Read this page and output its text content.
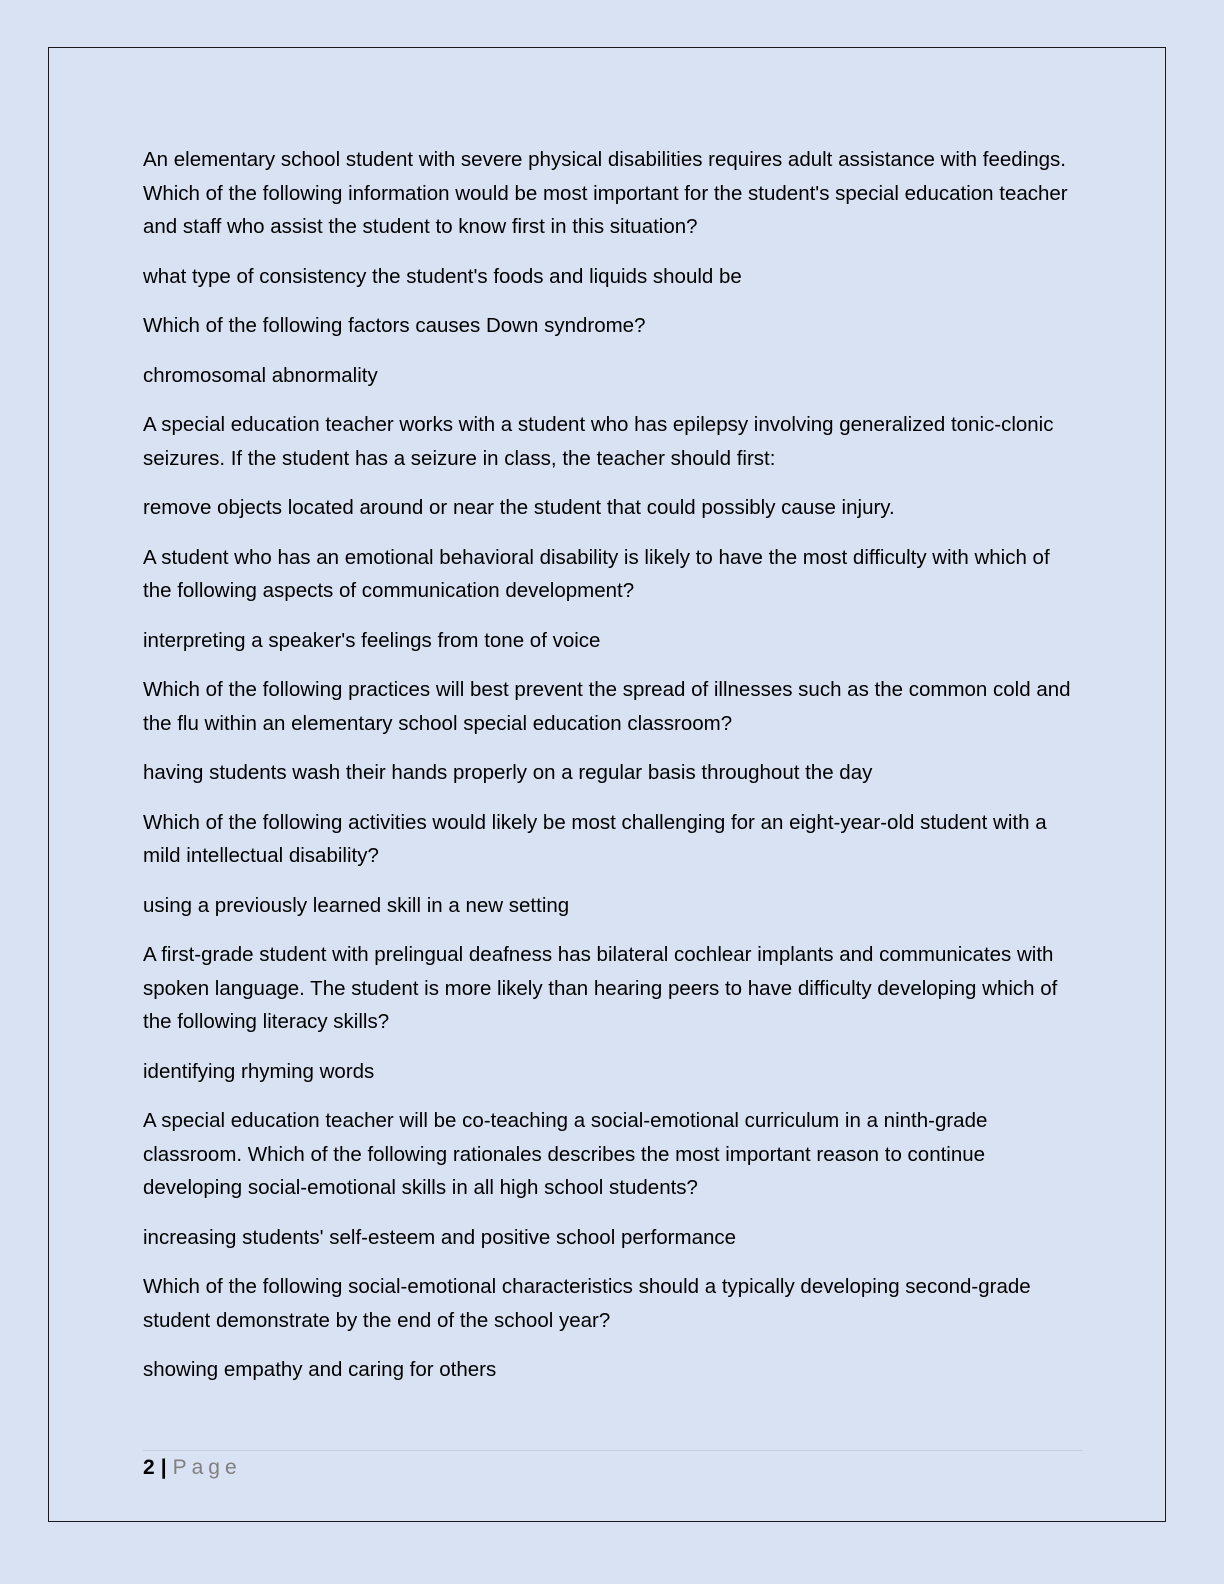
An elementary school student with severe physical disabilities requires adult assistance with feedings. Which of the following information would be most important for the student's special education teacher and staff who assist the student to know first in this situation?

what type of consistency the student's foods and liquids should be

Which of the following factors causes Down syndrome?

chromosomal abnormality

A special education teacher works with a student who has epilepsy involving generalized tonic-clonic seizures. If the student has a seizure in class, the teacher should first:

remove objects located around or near the student that could possibly cause injury.

A student who has an emotional behavioral disability is likely to have the most difficulty with which of the following aspects of communication development?

interpreting a speaker's feelings from tone of voice

Which of the following practices will best prevent the spread of illnesses such as the common cold and the flu within an elementary school special education classroom?

having students wash their hands properly on a regular basis throughout the day

Which of the following activities would likely be most challenging for an eight-year-old student with a mild intellectual disability?

using a previously learned skill in a new setting

A first-grade student with prelingual deafness has bilateral cochlear implants and communicates with spoken language. The student is more likely than hearing peers to have difficulty developing which of the following literacy skills?

identifying rhyming words

A special education teacher will be co-teaching a social-emotional curriculum in a ninth-grade classroom. Which of the following rationales describes the most important reason to continue developing social-emotional skills in all high school students?

increasing students' self-esteem and positive school performance

Which of the following social-emotional characteristics should a typically developing second-grade student demonstrate by the end of the school year?

showing empathy and caring for others

2 | Page
